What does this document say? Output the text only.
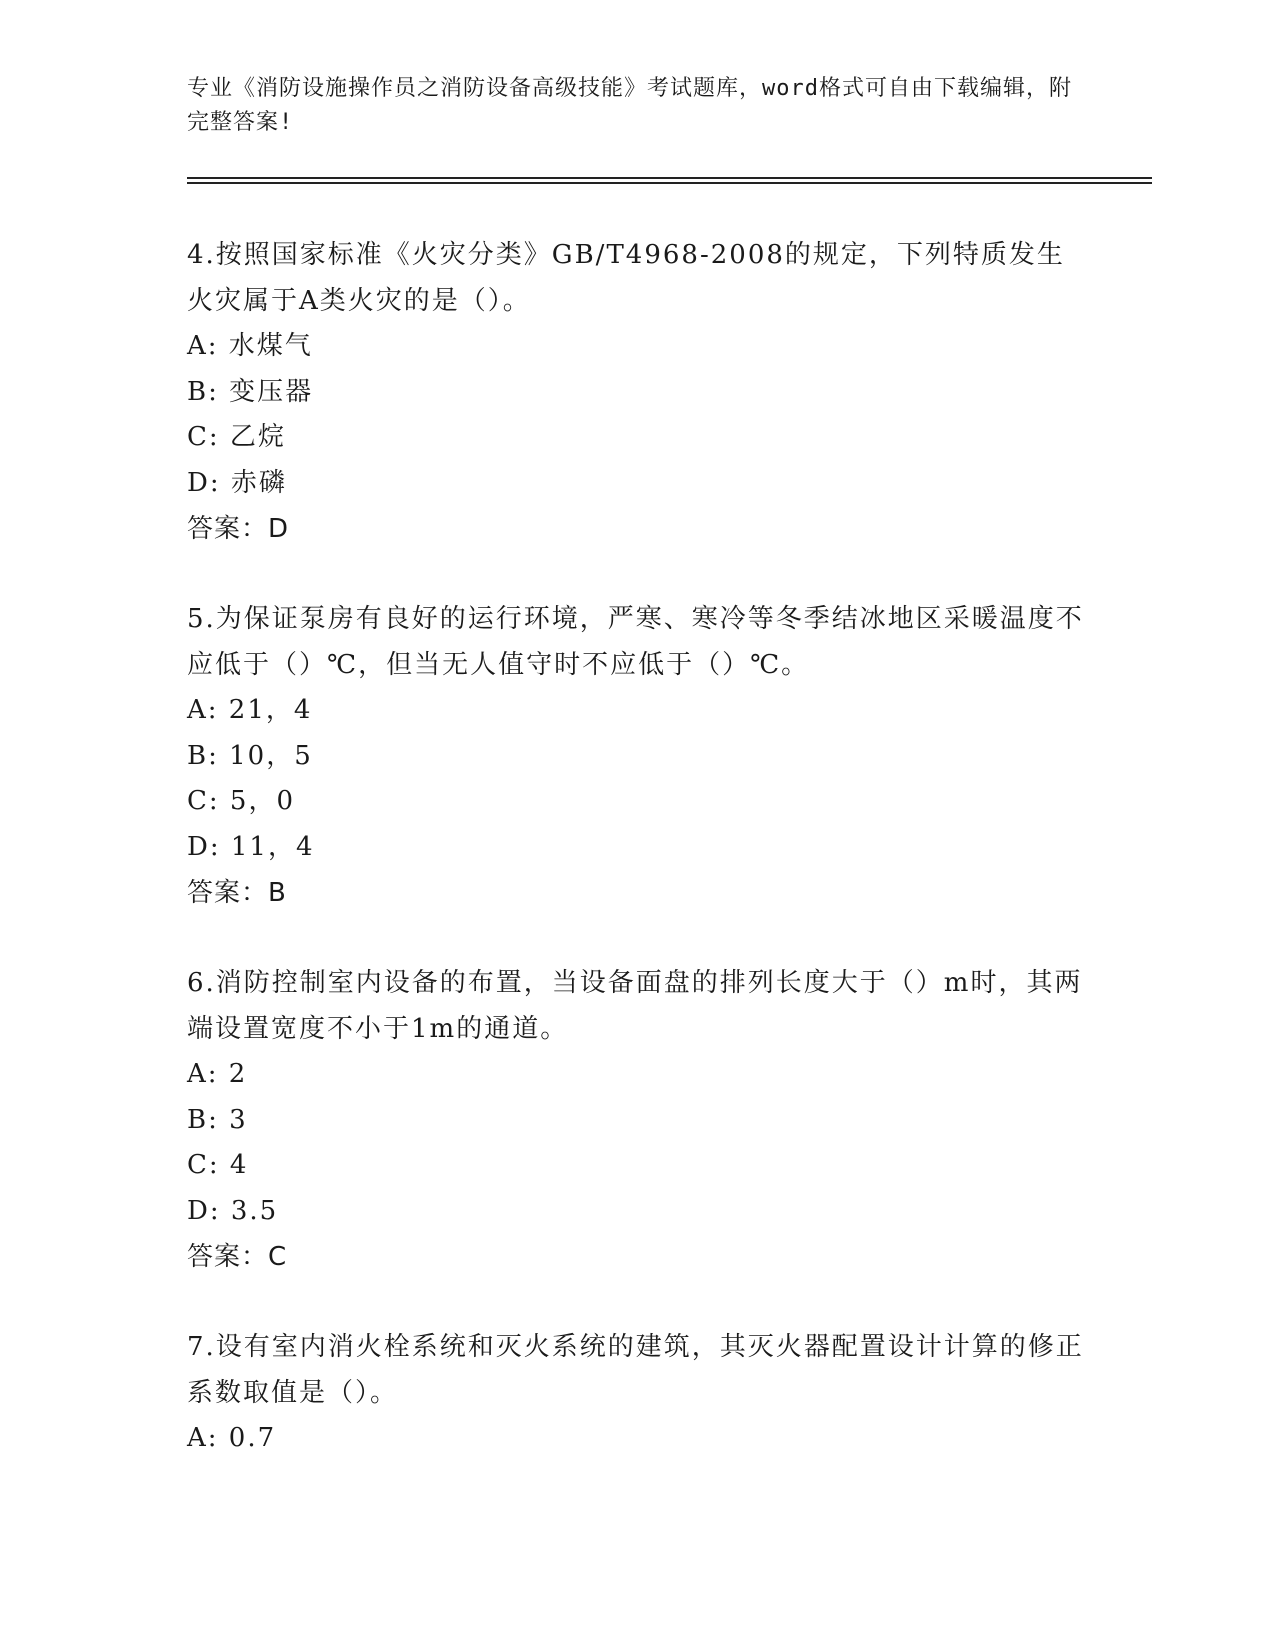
专业《消防设施操作员之消防设备高级技能》考试题库，word格式可自由下载编辑，附完整答案!

4.按照国家标准《火灾分类》GB/T4968-2008的规定，下列特质发生火灾属于A类火灾的是（）。

A: 水煤气

B: 变压器

C: 乙烷

D: 赤磷

答案：D

5.为保证泵房有良好的运行环境，严寒、寒冷等冬季结冰地区采暖温度不应低于（）℃，但当无人值守时不应低于（）℃。

A: 21，4

B: 10，5

C: 5，0

D: 11，4

答案：B

6.消防控制室内设备的布置，当设备面盘的排列长度大于（）m时，其两端设置宽度不小于1m的通道。

A: 2

B: 3

C: 4

D: 3.5

答案：C

7.设有室内消火栓系统和灭火系统的建筑，其灭火器配置设计计算的修正系数取值是（）。

A: 0.7
